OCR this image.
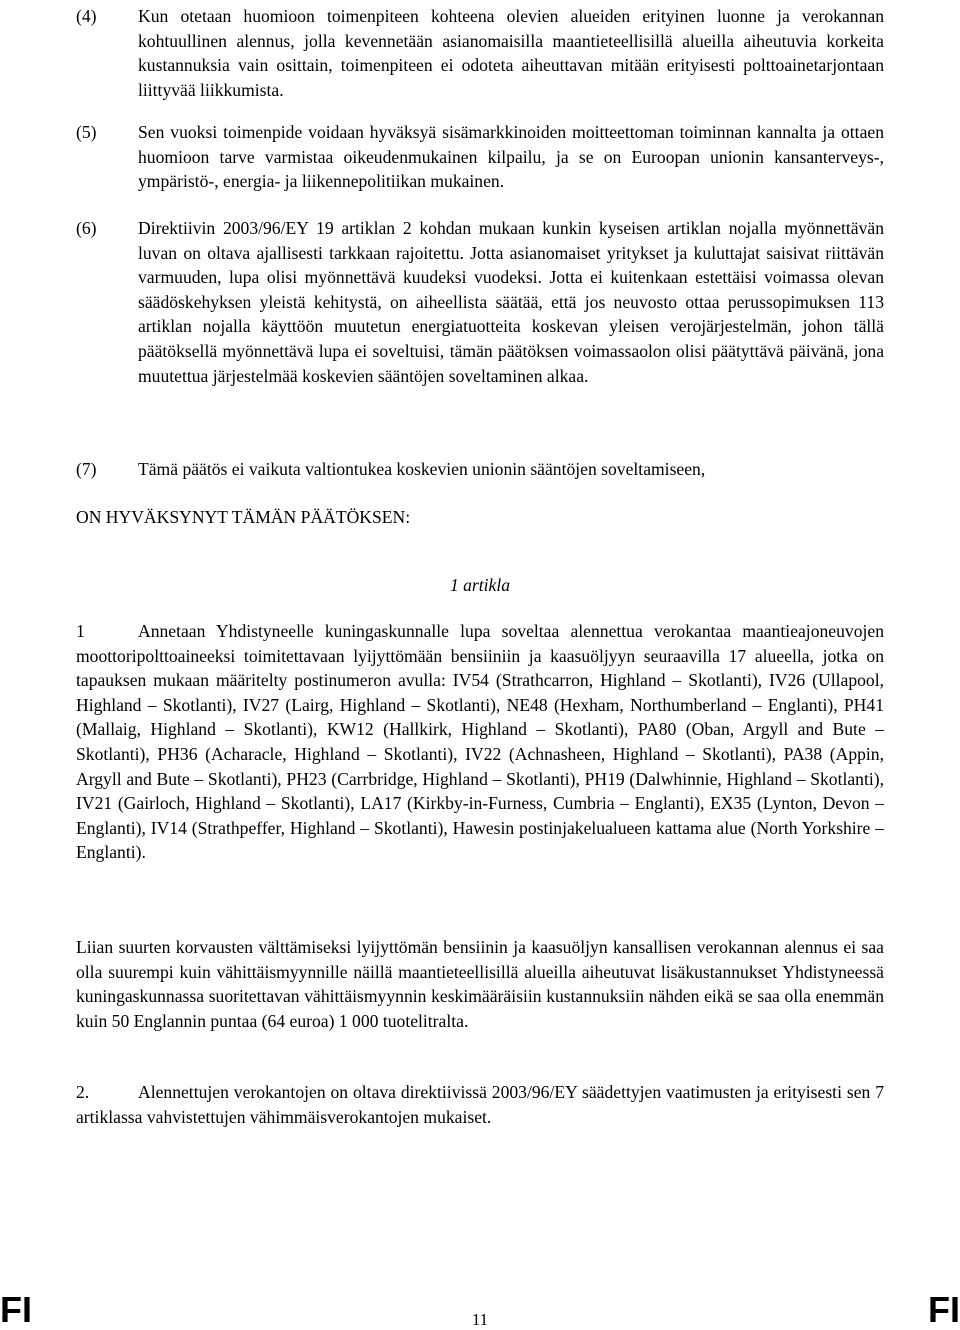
(4)	Kun otetaan huomioon toimenpiteen kohteena olevien alueiden erityinen luonne ja verokannan kohtuullinen alennus, jolla kevennetään asianomaisilla maantieteellisillä alueilla aiheutuvia korkeita kustannuksia vain osittain, toimenpiteen ei odoteta aiheuttavan mitään erityisesti polttoainetarjontaan liittyvää liikkumista.
(5)	Sen vuoksi toimenpide voidaan hyväksyä sisämarkkinoiden moitteettoman toiminnan kannalta ja ottaen huomioon tarve varmistaa oikeudenmukainen kilpailu, ja se on Euroopan unionin kansanterveys-, ympäristö-, energia- ja liikennepolitiikan mukainen.
(6)	Direktiivin 2003/96/EY 19 artiklan 2 kohdan mukaan kunkin kyseisen artiklan nojalla myönnettävän luvan on oltava ajallisesti tarkkaan rajoitettu. Jotta asianomaiset yritykset ja kuluttajat saisivat riittävän varmuuden, lupa olisi myönnettävä kuudeksi vuodeksi. Jotta ei kuitenkaan estettäisi voimassa olevan säädöskehyksen yleistä kehitystä, on aiheellista säätää, että jos neuvosto ottaa perussopimuksen 113 artiklan nojalla käyttöön muutetun energiatuotteita koskevan yleisen verojärjestelmän, johon tällä päätöksellä myönnettävä lupa ei soveltuisi, tämän päätöksen voimassaolon olisi päätyttävä päivänä, jona muutettua järjestelmää koskevien sääntöjen soveltaminen alkaa.
(7)	Tämä päätös ei vaikuta valtiontukea koskevien unionin sääntöjen soveltamiseen,
ON HYVÄKSYNYT TÄMÄN PÄÄTÖKSEN:
1 artikla
1	Annetaan Yhdistyneelle kuningaskunnalle lupa soveltaa alennettua verokantaa maantieajoneuvojen moottoripolttoaineeksi toimitettavaan lyijyttömään bensiiniin ja kaasuöljyyn seuraavilla 17 alueella, jotka on tapauksen mukaan määritelty postinumeron avulla: IV54 (Strathcarron, Highland – Skotlanti), IV26 (Ullapool, Highland – Skotlanti), IV27 (Lairg, Highland – Skotlanti), NE48 (Hexham, Northumberland – Englanti), PH41 (Mallaig, Highland – Skotlanti), KW12 (Hallkirk, Highland – Skotlanti), PA80 (Oban, Argyll and Bute – Skotlanti), PH36 (Acharacle, Highland – Skotlanti), IV22 (Achnasheen, Highland – Skotlanti), PA38 (Appin, Argyll and Bute – Skotlanti), PH23 (Carrbridge, Highland – Skotlanti), PH19 (Dalwhinnie, Highland – Skotlanti), IV21 (Gairloch, Highland – Skotlanti), LA17 (Kirkby-in-Furness, Cumbria – Englanti), EX35 (Lynton, Devon – Englanti), IV14 (Strathpeffer, Highland – Skotlanti), Hawesin postinjakelualueen kattama alue (North Yorkshire – Englanti).
Liian suurten korvausten välttämiseksi lyijyttömän bensiinin ja kaasuöljyn kansallisen verokannan alennus ei saa olla suurempi kuin vähittäismyynnille näillä maantieteellisillä alueilla aiheutuvat lisäkustannukset Yhdistyneessä kuningaskunnassa suoritettavan vähittäismyynnin keskimääräisiin kustannuksiin nähden eikä se saa olla enemmän kuin 50 Englannin puntaa (64 euroa) 1 000 tuotelitralta.
2.	Alennettujen verokantojen on oltava direktiivissä 2003/96/EY säädettyjen vaatimusten ja erityisesti sen 7 artiklassa vahvistettujen vähimmäisverokantojen mukaiset.
FI	11	FI
